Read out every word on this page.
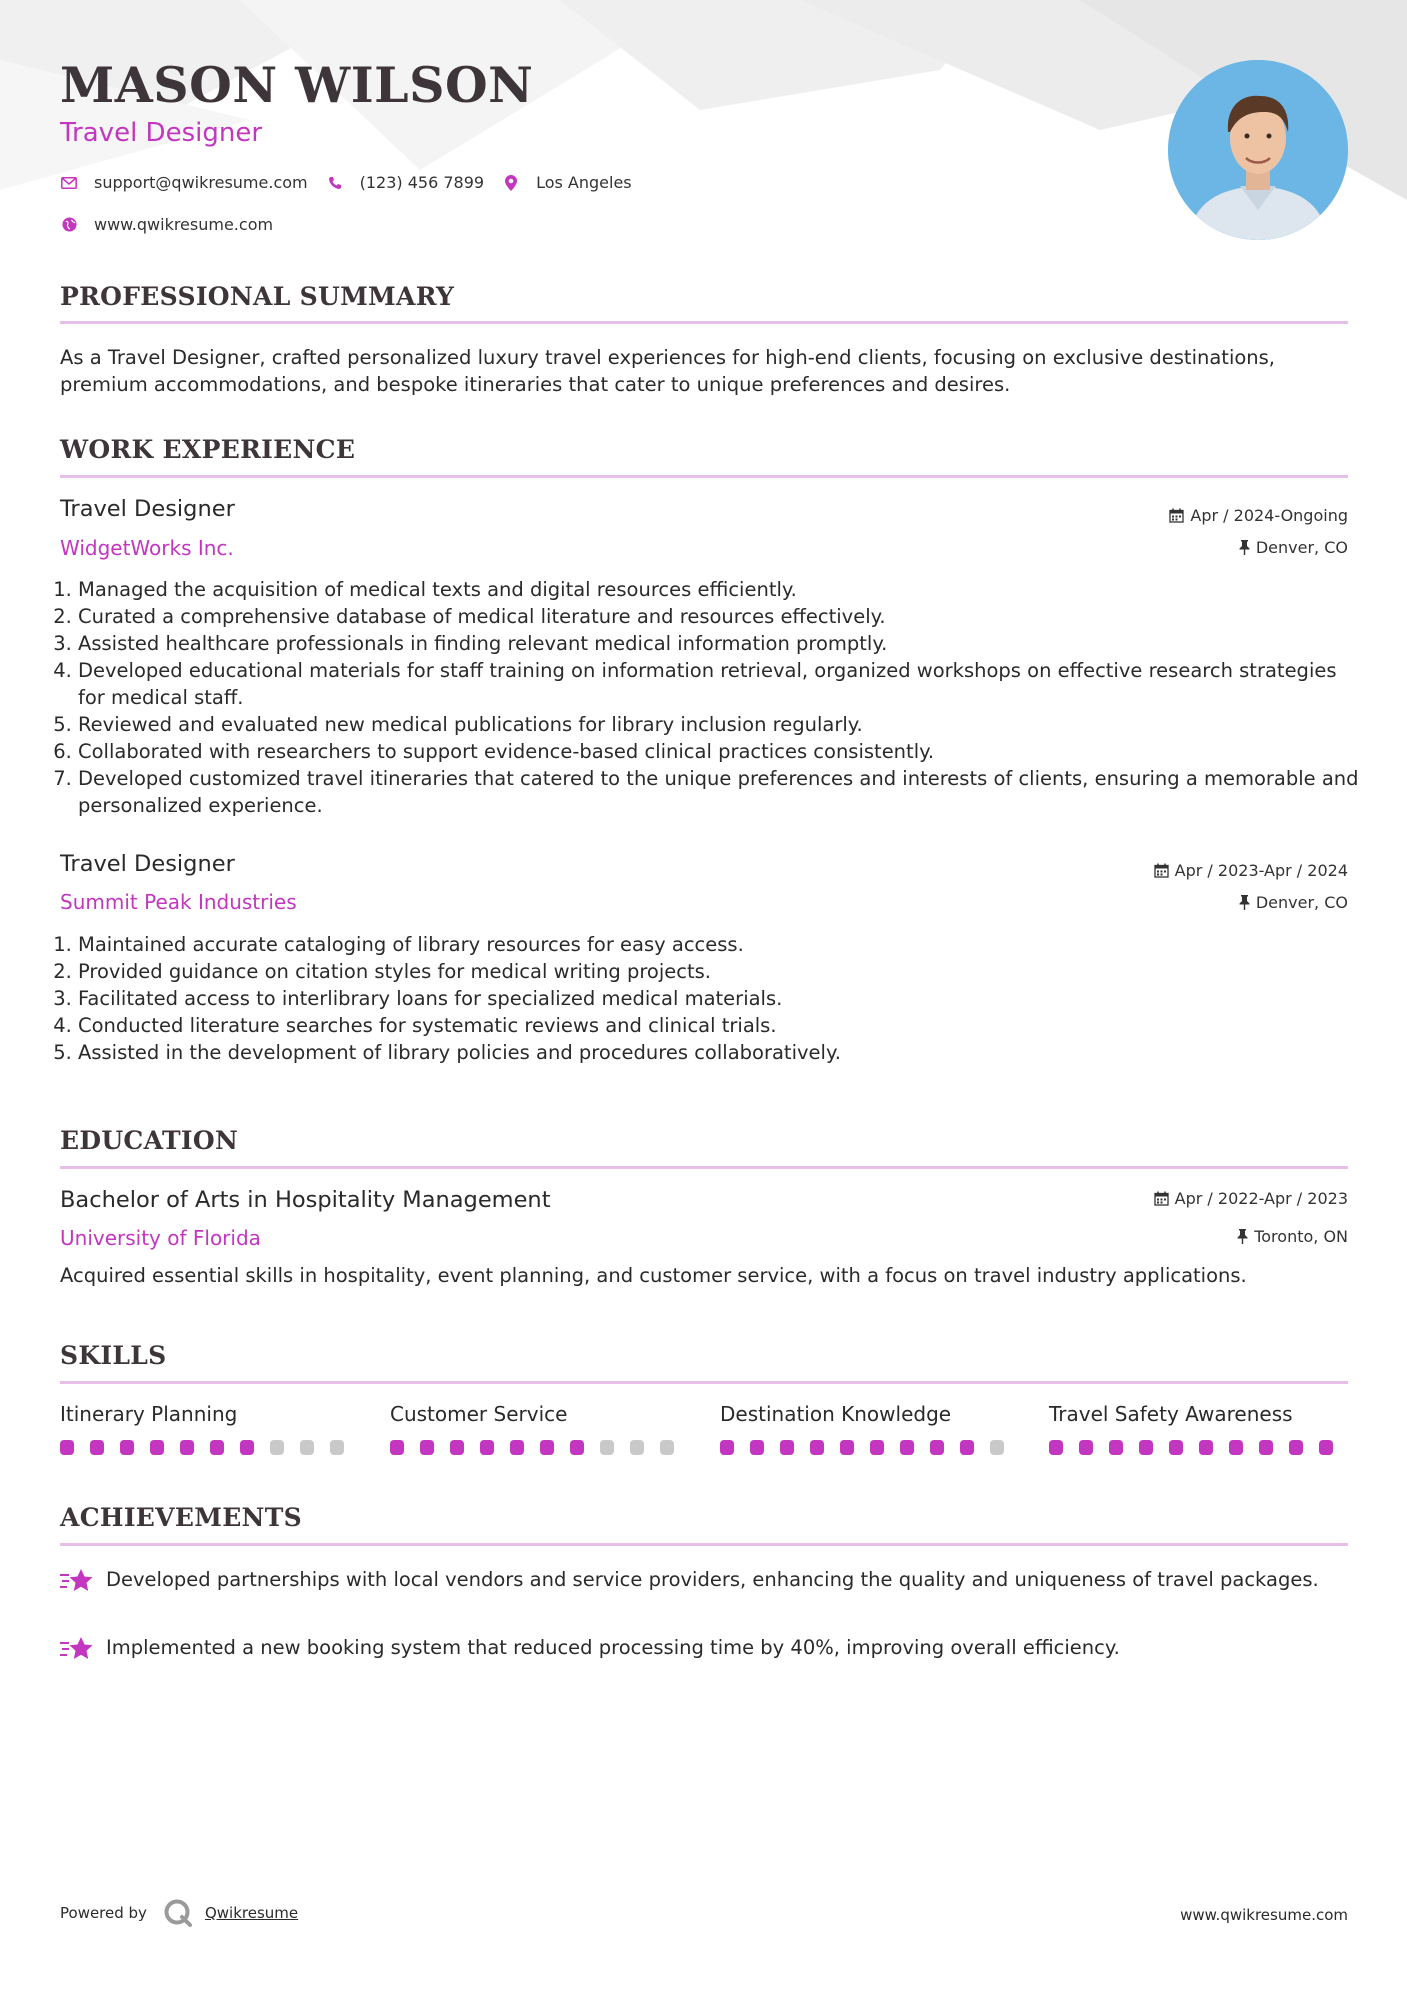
MASON WILSON
Travel Designer
support@qwikresume.com	(123) 456 7899	Los Angeles
www.qwikresume.com
PROFESSIONAL SUMMARY

As a Travel Designer, crafted personalized luxury travel experiences for high-end clients, focusing on exclusive destinations, premium accommodations, and bespoke itineraries that cater to unique preferences and desires.

WORK EXPERIENCE
Travel Designer	Apr / 2024-Ongoing
WidgetWorks Inc.	Denver, CO
1. Managed the acquisition of medical texts and digital resources efficiently.
2. Curated a comprehensive database of medical literature and resources effectively.
3. Assisted healthcare professionals in finding relevant medical information promptly.
4. Developed educational materials for staff training on information retrieval, organized workshops on effective research strategies for medical staff.
5. Reviewed and evaluated new medical publications for library inclusion regularly.
6. Collaborated with researchers to support evidence-based clinical practices consistently.
7. Developed customized travel itineraries that catered to the unique preferences and interests of clients, ensuring a memorable and personalized experience.
Travel Designer	Apr / 2023-Apr / 2024
Summit Peak Industries	Denver, CO
1. Maintained accurate cataloging of library resources for easy access.
2. Provided guidance on citation styles for medical writing projects.
3. Facilitated access to interlibrary loans for specialized medical materials.
4. Conducted literature searches for systematic reviews and clinical trials.
5. Assisted in the development of library policies and procedures collaboratively.
EDUCATION
Bachelor of Arts in Hospitality Management	Apr / 2022-Apr / 2023
University of Florida	Toronto, ON

Acquired essential skills in hospitality, event planning, and customer service, with a focus on travel industry applications.

SKILLS
Itinerary Planning	Customer Service	Destination Knowledge	Travel Safety Awareness
ACHIEVEMENTS
Developed partnerships with local vendors and service providers, enhancing the quality and uniqueness of travel packages.
Implemented a new booking system that reduced processing time by 40%, improving overall efficiency.
Powered by	Qwikresume	www.qwikresume.com
